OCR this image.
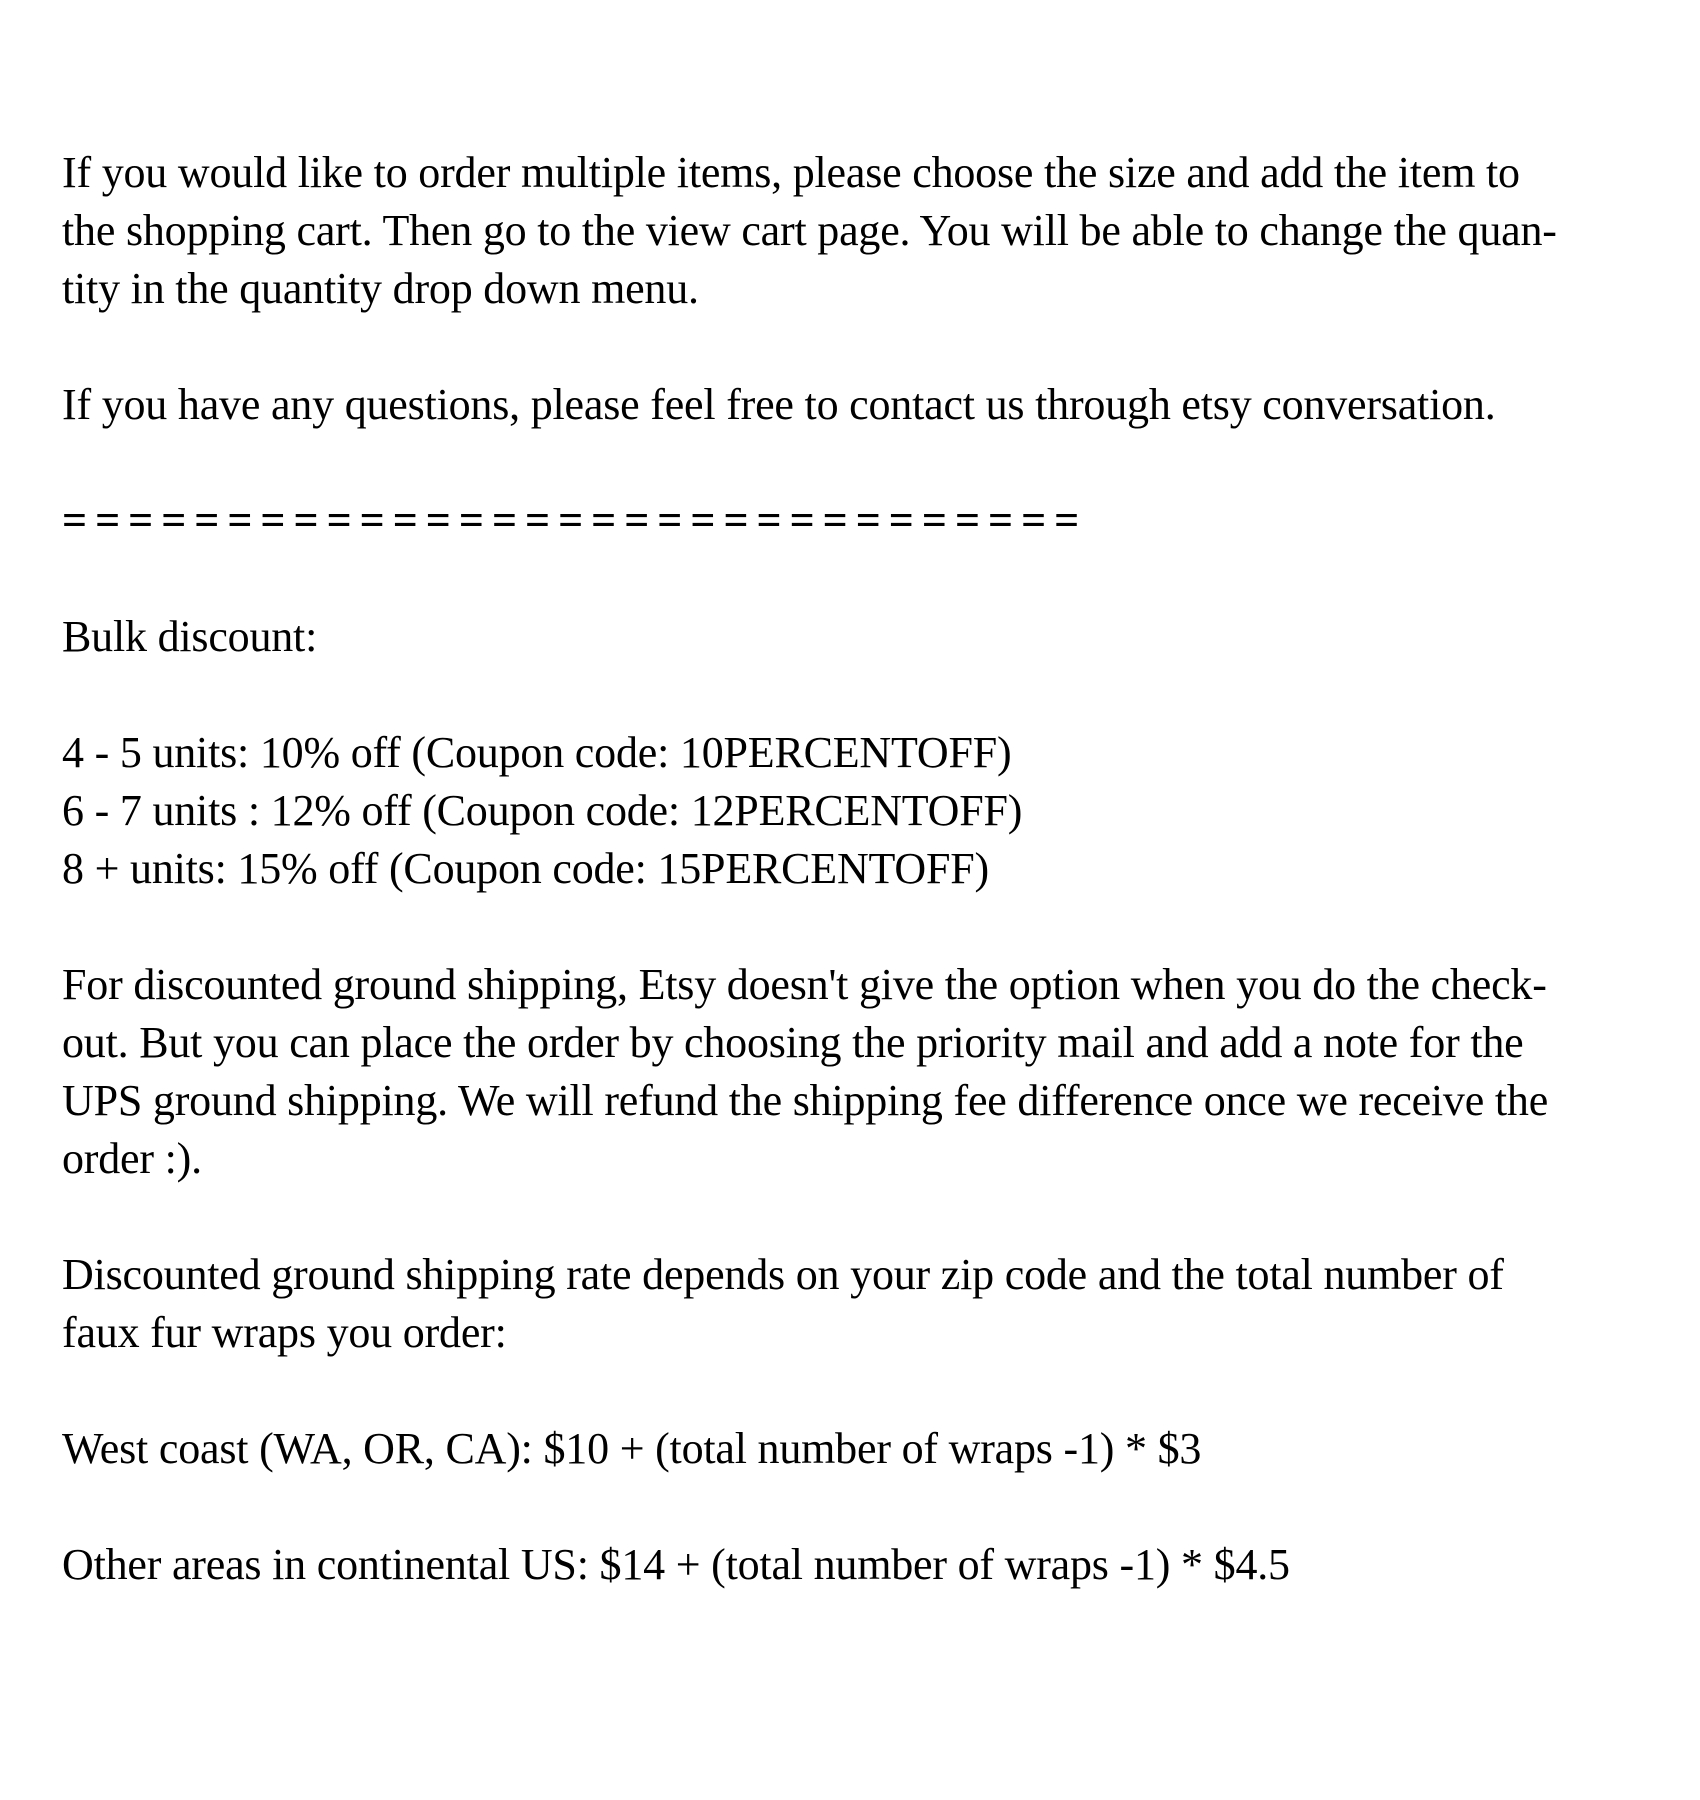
If you would like to order multiple items, please choose the size and add the item to
the shopping cart. Then go to the view cart page. You will be able to change the quan-
tity in the quantity drop down menu.
If you have any questions, please feel free to contact us through etsy conversation.
===============================
Bulk discount:
4 - 5 units: 10% off (Coupon code: 10PERCENTOFF)
6 - 7 units : 12% off (Coupon code: 12PERCENTOFF)
8 + units: 15% off (Coupon code: 15PERCENTOFF)
For discounted ground shipping, Etsy doesn't give the option when you do the check-
out. But you can place the order by choosing the priority mail and add a note for the
UPS ground shipping. We will refund the shipping fee difference once we receive the
order :).
Discounted ground shipping rate depends on your zip code and the total number of
faux fur wraps you order:
West coast (WA, OR, CA): $10 + (total number of wraps -1) * $3
Other areas in continental US: $14 + (total number of wraps -1) * $4.5
